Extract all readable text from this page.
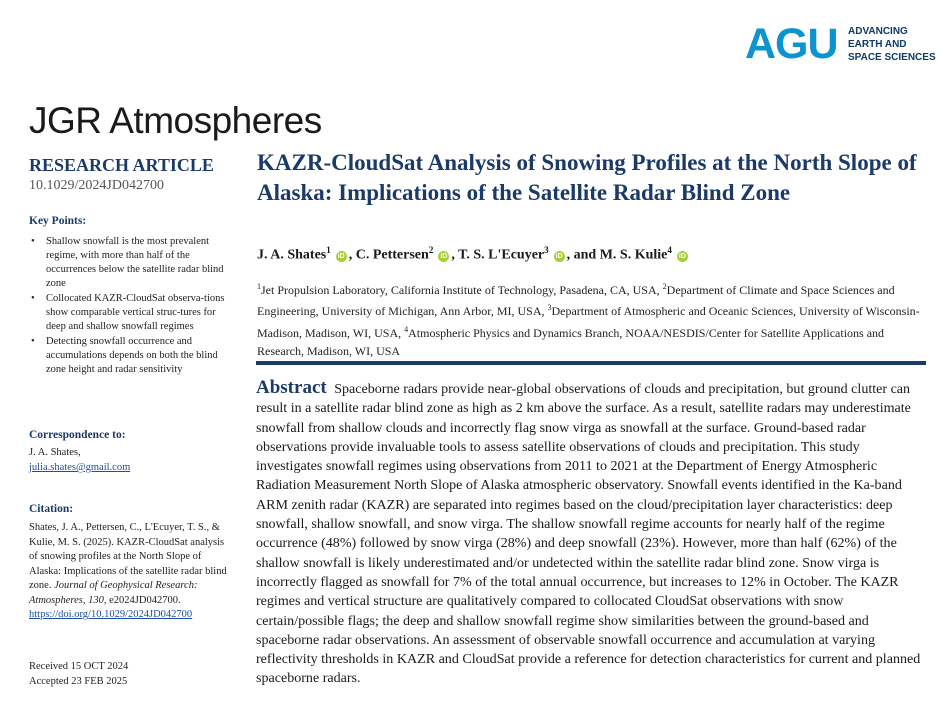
AGU ADVANCING
EARTH AND
SPACE SCIENCES
JGR Atmospheres
RESEARCH ARTICLE
10.1029/2024JD042700
Key Points:
• Shallow snowfall is the most prevalent regime, with more than half of the occurrences below the satellite radar blind zone
• Collocated KAZR-CloudSat observa-tions show comparable vertical struc-tures for deep and shallow snowfall regimes
• Detecting snowfall occurrence and accumulations depends on both the blind zone height and radar sensitivity
Correspondence to:
J. A. Shates,
julia.shates@gmail.com
Citation:
Shates, J. A., Pettersen, C., L'Ecuyer, T. S., & Kulie, M. S. (2025). KAZR-CloudSat analysis of snowing profiles at the North Slope of Alaska: Implications of the satellite radar blind zone. Journal of Geophysical Research: Atmospheres, 130, e2024JD042700. https://doi.org/10.1029/2024JD042700
Received 15 OCT 2024
Accepted 23 FEB 2025
KAZR-CloudSat Analysis of Snowing Profiles at the North Slope of Alaska: Implications of the Satellite Radar Blind Zone
J. A. Shates$^1$iD , C. Pettersen$^2$iD , T. S. L'Ecuyer$^3$iD , and M. S. Kulie$^4$iD
$^1$Jet Propulsion Laboratory, California Institute of Technology, Pasadena, CA, USA, $^2$Department of Climate and Space Sciences and Engineering, University of Michigan, Ann Arbor, MI, USA, $^3$Department of Atmospheric and Oceanic Sciences, University of Wisconsin-Madison, Madison, WI, USA, $^4$Atmospheric Physics and Dynamics Branch, NOAA/NESDIS/Center for Satellite Applications and Research, Madison, WI, USA
Abstract Spaceborne radars provide near-global observations of clouds and precipitation, but ground clutter can result in a satellite radar blind zone as high as 2 km above the surface. As a result, satellite radars may underestimate snowfall from shallow clouds and incorrectly flag snow virga as snowfall at the surface. Ground-based radar observations provide invaluable tools to assess satellite observations of clouds and precipitation. This study investigates snowfall regimes using observations from 2011 to 2021 at the Department of Energy Atmospheric Radiation Measurement North Slope of Alaska atmospheric observatory. Snowfall events identified in the Ka-band ARM zenith radar (KAZR) are separated into regimes based on the cloud/precipitation layer characteristics: deep snowfall, shallow snowfall, and snow virga. The shallow snowfall regime accounts for nearly half of the regime occurrence (48%) followed by snow virga (28%) and deep snowfall (23%). However, more than half (62%) of the shallow snowfall is likely underestimated and/or undetected within the satellite radar blind zone. Snow virga is incorrectly flagged as snowfall for 7% of the total annual occurrence, but increases to 12% in October. The KAZR regimes and vertical structure are qualitatively compared to collocated CloudSat observations with snow certain/possible flags; the deep and shallow snowfall regime show similarities between the ground-based and spaceborne radar observations. An assessment of observable snowfall occurrence and accumulation at varying reflectivity thresholds in KAZR and CloudSat provide a reference for detection characteristics for current and planned spaceborne radars.
